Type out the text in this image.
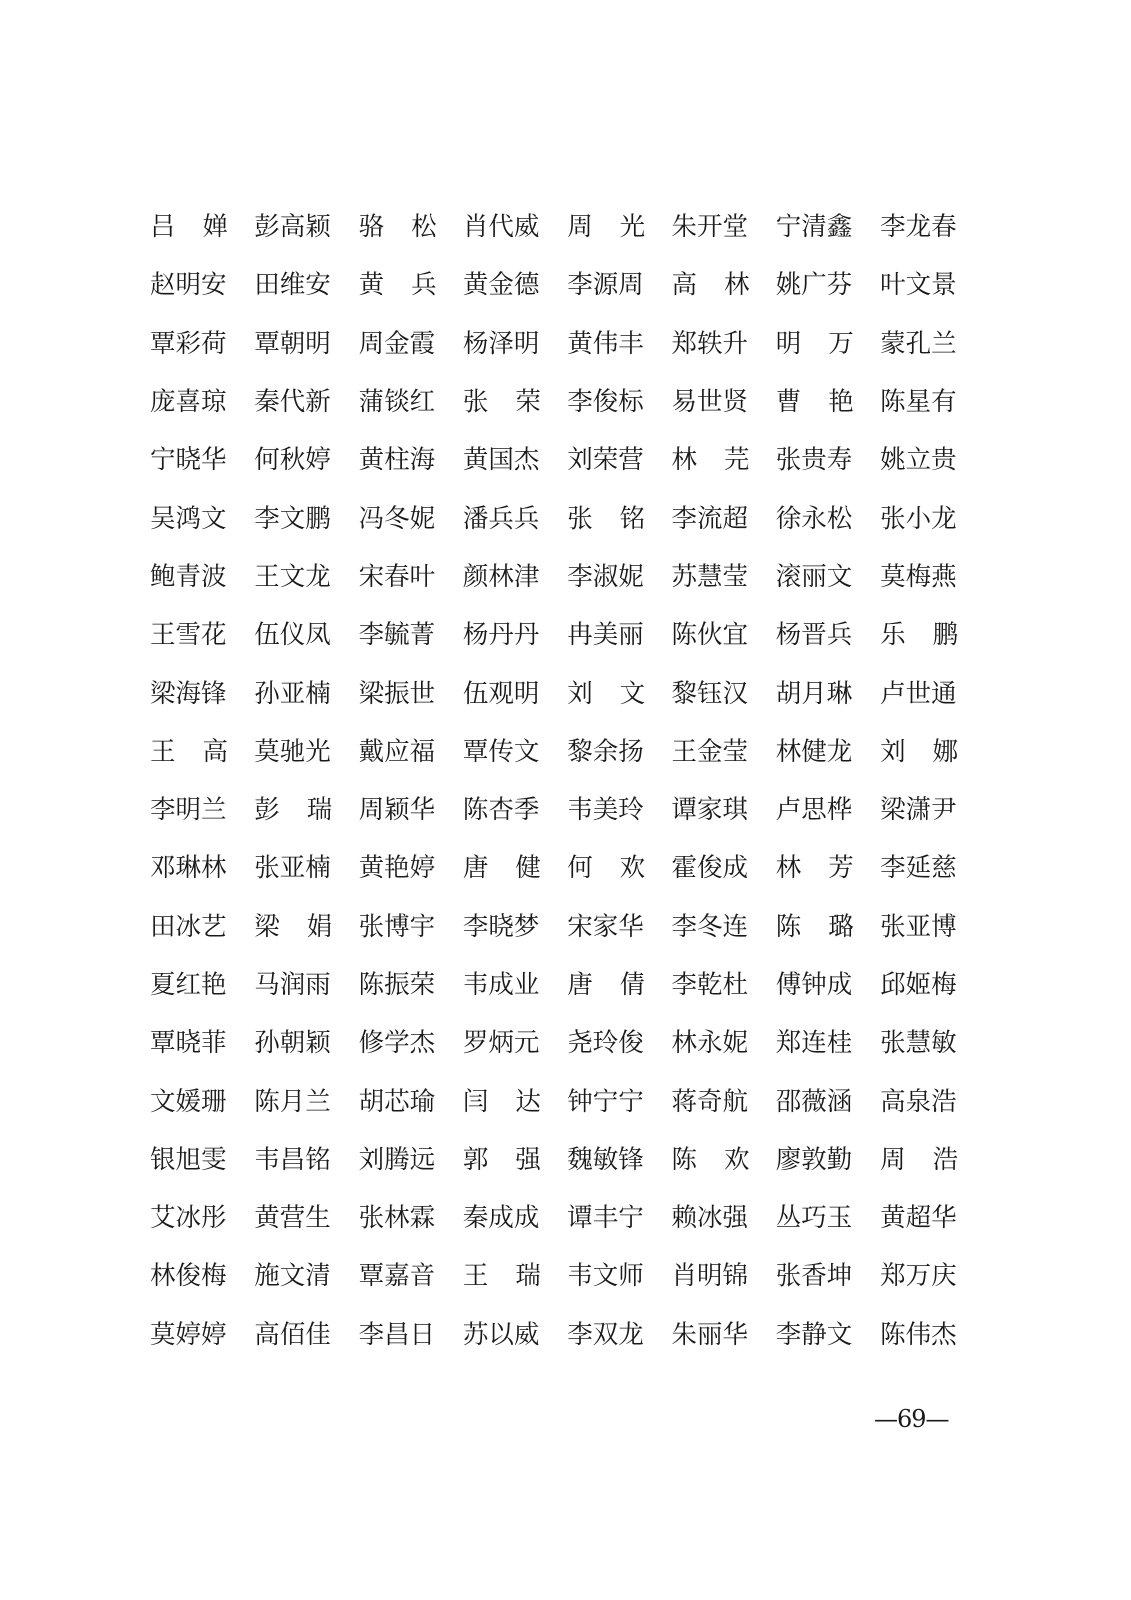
吕 婵 彭高颖 骆 松 肖代威 周 光 朱开堂 宁清鑫 李龙春
赵明安 田维安 黄 兵 黄金德 李源周 高 林 姚广芬 叶文景
覃彩荷 覃朝明 周金霞 杨泽明 黄伟丰 郑轶升 明 万 蒙孔兰
庞喜琼 秦代新 蒲锬红 张 荣 李俊标 易世贤 曹 艳 陈星有
宁晓华 何秋婷 黄柱海 黄国杰 刘荣营 林 芫 张贵寿 姚立贵
吴鸿文 李文鹏 冯冬妮 潘兵兵 张 铭 李流超 徐永松 张小龙
鲍青波 王文龙 宋春叶 颜林津 李淑妮 苏慧莹 滚丽文 莫梅燕
王雪花 伍仪凤 李毓菁 杨丹丹 冉美丽 陈伙宜 杨晋兵 乐 鹏
梁海锋 孙亚楠 梁振世 伍观明 刘 文 黎钰汉 胡月琳 卢世通
王 高 莫驰光 戴应福 覃传文 黎余扬 王金莹 林健龙 刘 娜
李明兰 彭 瑞 周颖华 陈杏季 韦美玲 谭家琪 卢思桦 梁潇尹
邓琳林 张亚楠 黄艳婷 唐 健 何 欢 霍俊成 林 芳 李延慈
田冰艺 梁 娟 张博宇 李晓梦 宋家华 李冬连 陈 璐 张亚博
夏红艳 马润雨 陈振荣 韦成业 唐 倩 李乾杜 傅钟成 邱姬梅
覃晓菲 孙朝颖 修学杰 罗炳元 尧玲俊 林永妮 郑连桂 张慧敏
文媛珊 陈月兰 胡芯瑜 闫 达 钟宁宁 蒋奇航 邵薇涵 高泉浩
银旭雯 韦昌铭 刘腾远 郭 强 魏敏锋 陈 欢 廖敦勤 周 浩
艾冰彤 黄营生 张林霖 秦成成 谭丰宁 赖冰强 丛巧玉 黄超华
林俊梅 施文清 覃嘉音 王 瑞 韦文师 肖明锦 张香坤 郑万庆
莫婷婷 高佰佳 李昌日 苏以威 李双龙 朱丽华 李静文 陈伟杰
—69—
